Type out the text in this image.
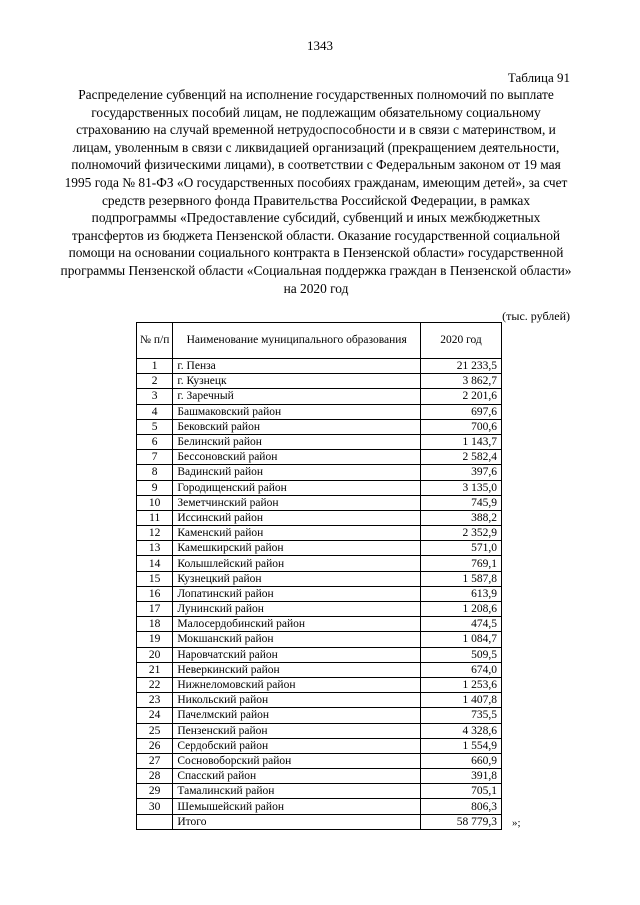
1343
Таблица 91
Распределение субвенций на исполнение государственных полномочий по выплате государственных пособий лицам, не подлежащим обязательному социальному страхованию на случай временной нетрудоспособности и в связи с материнством, и лицам, уволенным в связи с ликвидацией организаций (прекращением деятельности, полномочий физическими лицами), в соответствии с Федеральным законом от 19 мая 1995 года № 81-ФЗ «О государственных пособиях гражданам, имеющим детей», за счет средств резервного фонда Правительства Российской Федерации, в рамках подпрограммы «Предоставление субсидий, субвенций и иных межбюджетных трансфертов из бюджета Пензенской области. Оказание государственной социальной помощи на основании социального контракта в Пензенской области» государственной программы Пензенской области «Социальная поддержка граждан в Пензенской области» на 2020 год
(тыс. рублей)
№ п/п	Наименование муниципального образования	2020 год
1	г. Пенза	21 233,5
2	г. Кузнецк	3 862,7
3	г. Заречный	2 201,6
4	Башмаковский район	697,6
5	Бековский район	700,6
6	Белинский район	1 143,7
7	Бессоновский район	2 582,4
8	Вадинский район	397,6
9	Городищенский район	3 135,0
10	Земетчинский район	745,9
11	Иссинский район	388,2
12	Каменский район	2 352,9
13	Камешкирский район	571,0
14	Колышлейский район	769,1
15	Кузнецкий район	1 587,8
16	Лопатинский район	613,9
17	Лунинский район	1 208,6
18	Малосердобинский район	474,5
19	Мокшанский район	1 084,7
20	Наровчатский район	509,5
21	Неверкинский район	674,0
22	Нижнеломовский район	1 253,6
23	Никольский район	1 407,8
24	Пачелмский район	735,5
25	Пензенский район	4 328,6
26	Сердобский район	1 554,9
27	Сосновоборский район	660,9
28	Спасский район	391,8
29	Тамалинский район	705,1
30	Шемышейский район	806,3
	Итого	58 779,3 »;
